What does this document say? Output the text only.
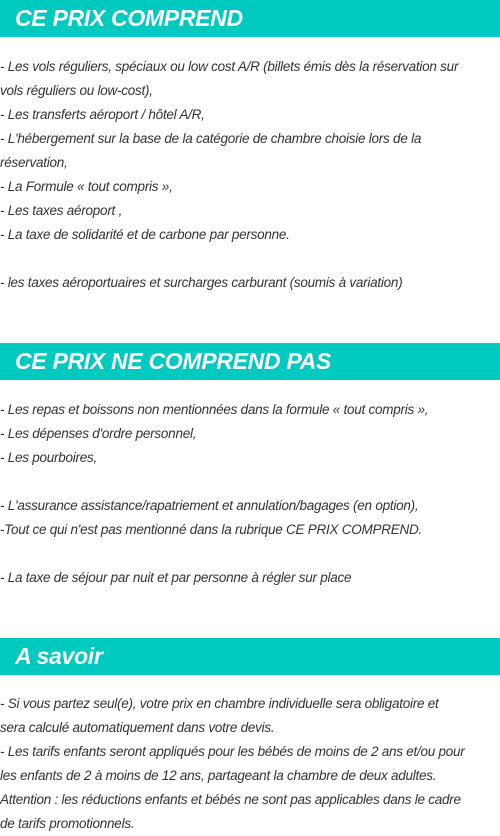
CE PRIX COMPREND
- Les vols réguliers, spéciaux ou low cost A/R (billets émis dès la réservation sur
vols réguliers ou low-cost),
- Les transferts aéroport / hôtel A/R,
- L'hébergement sur la base de la catégorie de chambre choisie lors de la
réservation,
- La Formule « tout compris »,
- Les taxes aéroport ,
- La taxe de solidarité et de carbone par personne.
- les taxes aéroportuaires et surcharges carburant (soumis à variation)
CE PRIX NE COMPREND PAS
- Les repas et boissons non mentionnées dans la formule « tout compris »,
- Les dépenses d'ordre personnel,
- Les pourboires,
- L'assurance assistance/rapatriement et annulation/bagages (en option),
-Tout ce qui n'est pas mentionné dans la rubrique CE PRIX COMPREND.
- La taxe de séjour par nuit et par personne à régler sur place
A savoir
- Si vous partez seul(e), votre prix en chambre individuelle sera obligatoire et
sera calculé automatiquement dans votre devis.
- Les tarifs enfants seront appliqués pour les bébés de moins de 2 ans et/ou pour
les enfants de 2 à moins de 12 ans, partageant la chambre de deux adultes.
Attention : les réductions enfants et bébés ne sont pas applicables dans le cadre
de tarifs promotionnels.
